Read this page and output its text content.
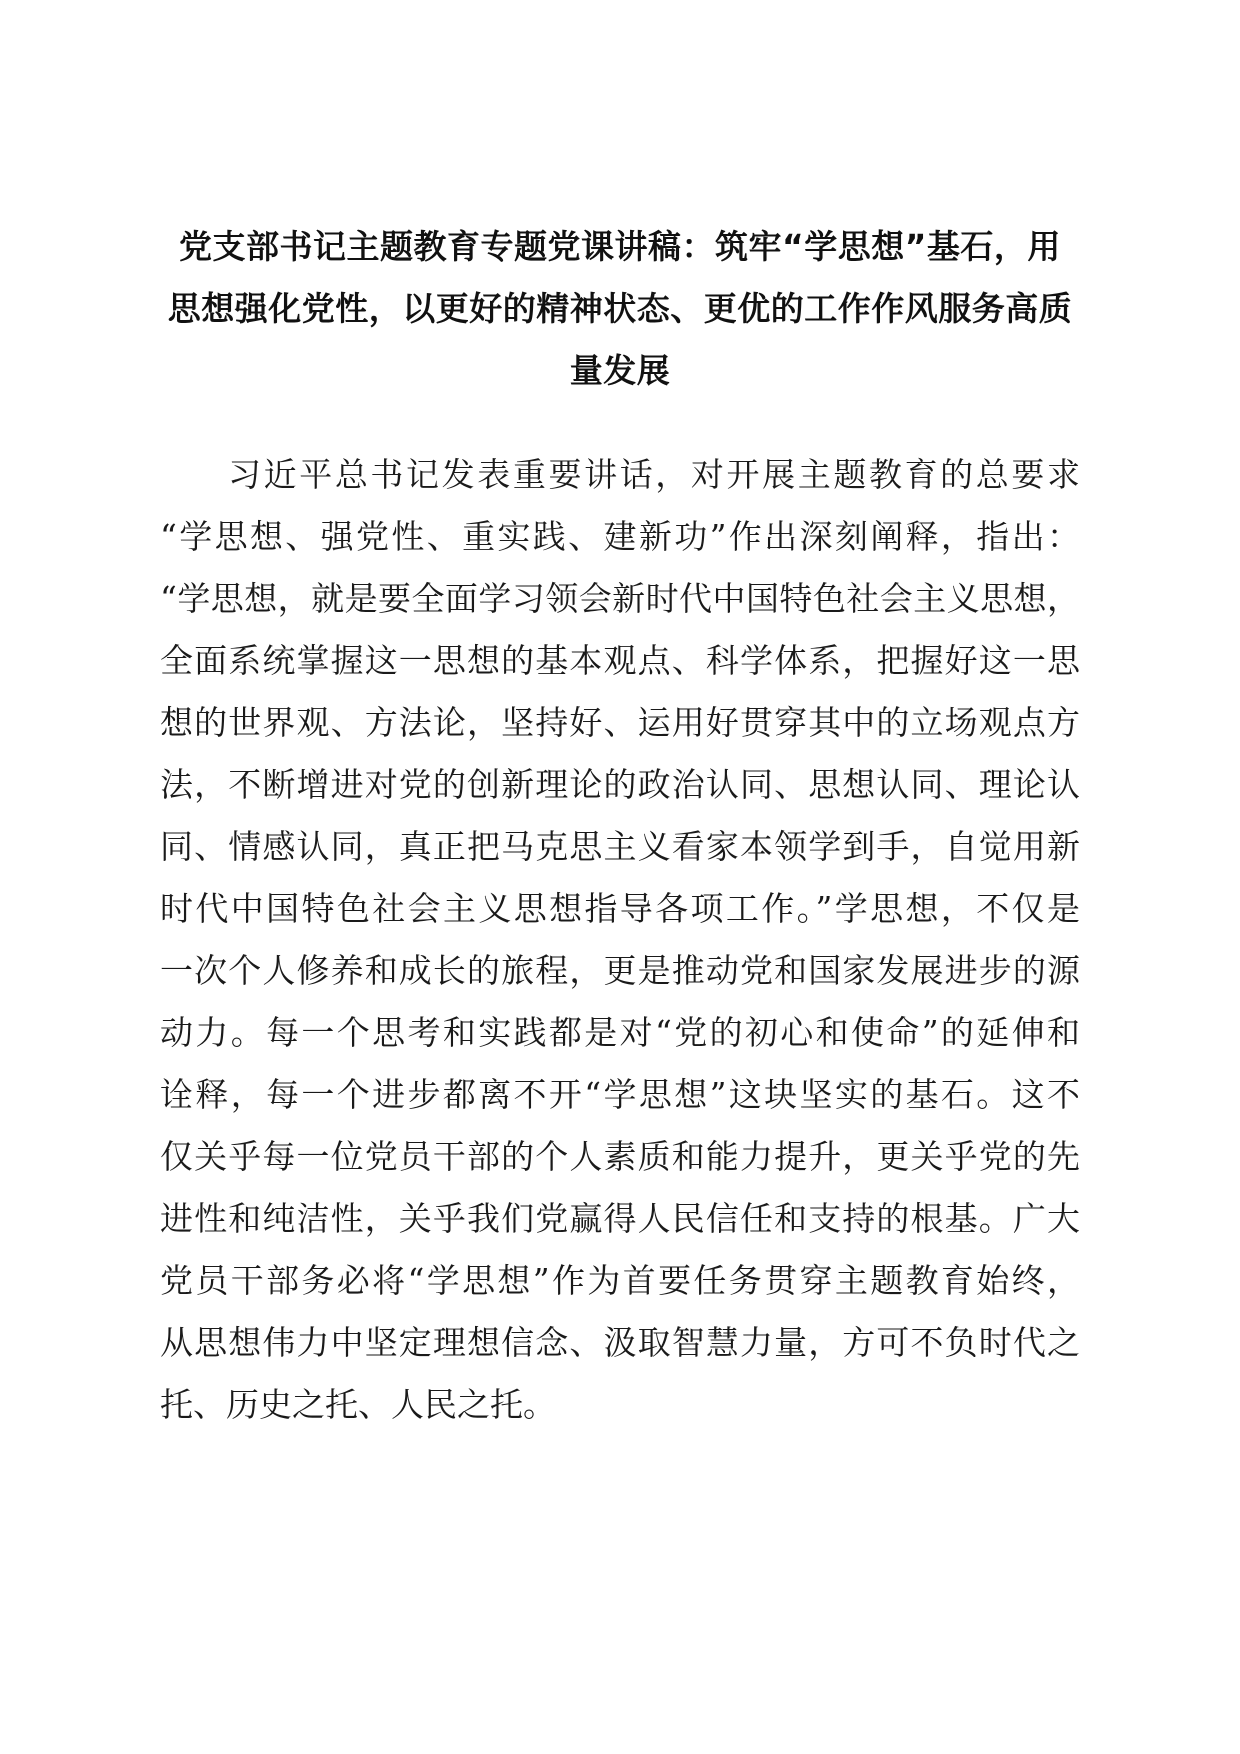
党支部书记主题教育专题党课讲稿：筑牢“学思想”基石，用
思想强化党性，以更好的精神状态、更优的工作作风服务高质
量发展
习近平总书记发表重要讲话，对开展主题教育的总要求
“学思想、强党性、重实践、建新功”作出深刻阐释，指出：
“学思想，就是要全面学习领会新时代中国特色社会主义思想，
全面系统掌握这一思想的基本观点、科学体系，把握好这一思
想的世界观、方法论，坚持好、运用好贯穿其中的立场观点方
法，不断增进对党的创新理论的政治认同、思想认同、理论认
同、情感认同，真正把马克思主义看家本领学到手，自觉用新
时代中国特色社会主义思想指导各项工作。”学思想，不仅是
一次个人修养和成长的旅程，更是推动党和国家发展进步的源
动力。每一个思考和实践都是对“党的初心和使命”的延伸和
诠释，每一个进步都离不开“学思想”这块坚实的基石。这不
仅关乎每一位党员干部的个人素质和能力提升，更关乎党的先
进性和纯洁性，关乎我们党赢得人民信任和支持的根基。广大
党员干部务必将“学思想”作为首要任务贯穿主题教育始终，
从思想伟力中坚定理想信念、汲取智慧力量，方可不负时代之
托、历史之托、人民之托。
